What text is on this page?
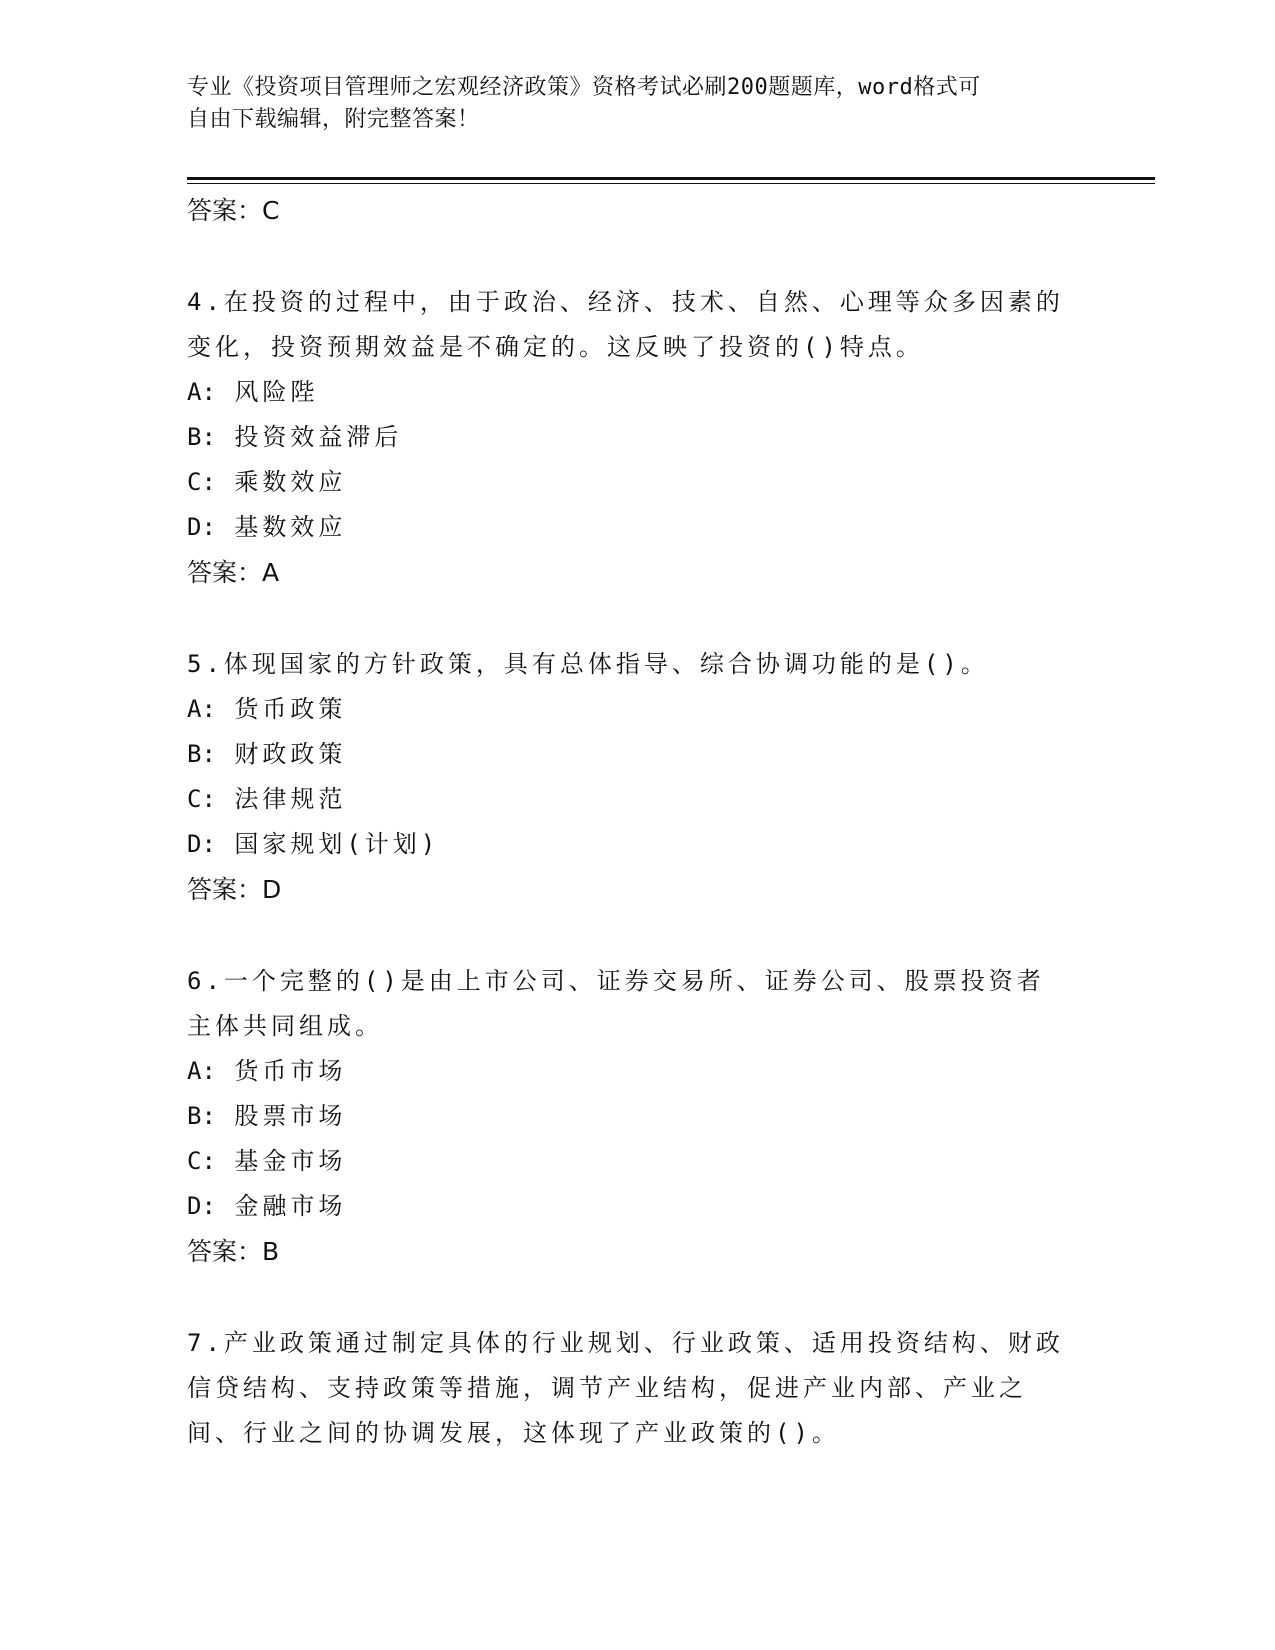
专业《投资项目管理师之宏观经济政策》资格考试必刷200题题库，word格式可
自由下载编辑，附完整答案！
答案：C

4.在投资的过程中，由于政治、经济、技术、自然、心理等众多因素的变化，投资预期效益是不确定的。这反映了投资的()特点。

A: 风险陛
B: 投资效益滞后
C: 乘数效应
D: 基数效应
答案：A

5.体现国家的方针政策，具有总体指导、综合协调功能的是()。

A: 货币政策
B: 财政政策
C: 法律规范
D: 国家规划(计划)
答案：D

6.一个完整的()是由上市公司、证券交易所、证券公司、股票投资者主体共同组成。

A: 货币市场
B: 股票市场
C: 基金市场
D: 金融市场
答案：B

7.产业政策通过制定具体的行业规划、行业政策、适用投资结构、财政信贷结构、支持政策等措施，调节产业结构，促进产业内部、产业之间、行业之间的协调发展，这体现了产业政策的()。
